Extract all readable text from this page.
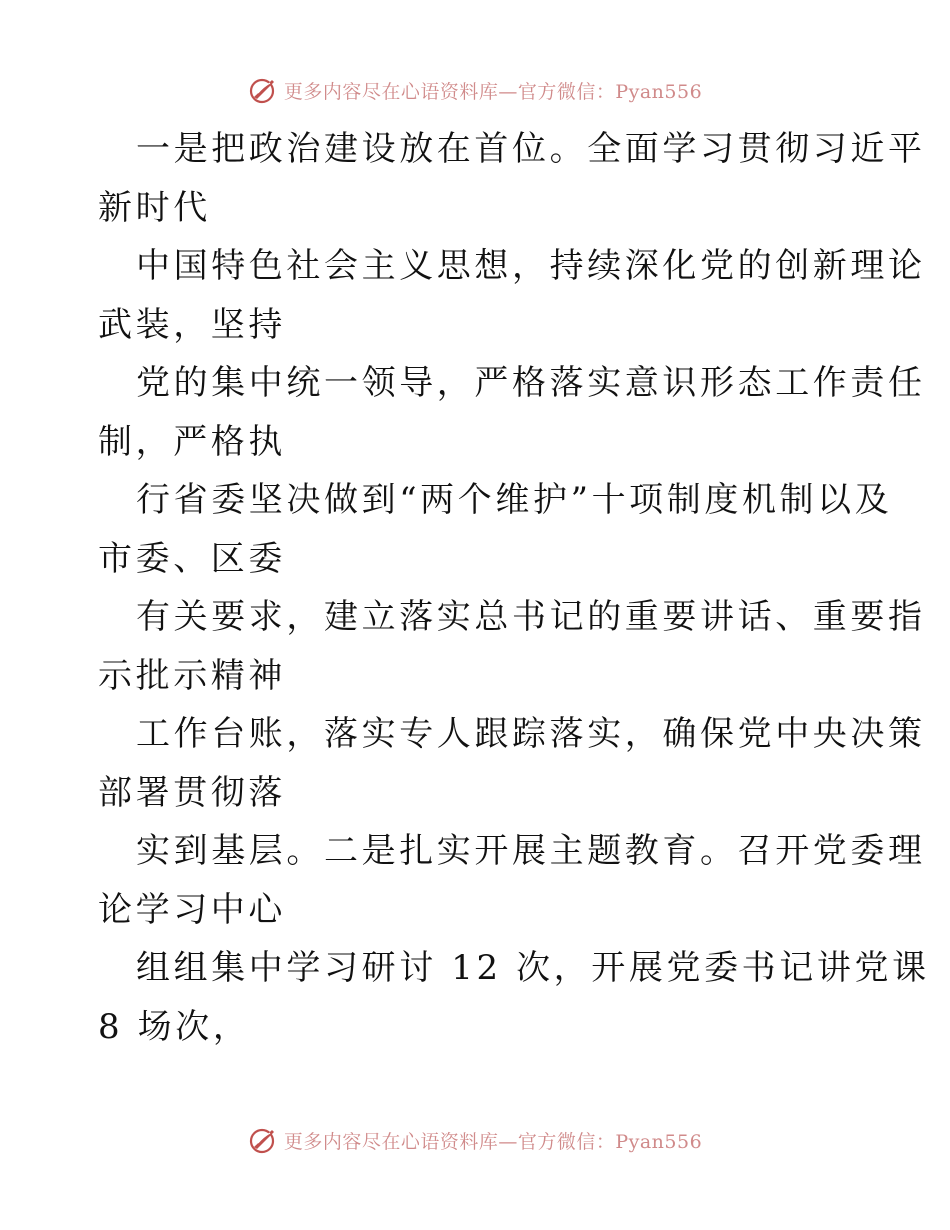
更多内容尽在心语资料库—官方微信：Pyan556
一是把政治建设放在首位。全面学习贯彻习近平
新时代
中国特色社会主义思想，持续深化党的创新理论
武装，坚持
党的集中统一领导，严格落实意识形态工作责任
制，严格执
行省委坚决做到“两个维护”十项制度机制以及
市委、区委
有关要求，建立落实总书记的重要讲话、重要指
示批示精神
工作台账，落实专人跟踪落实，确保党中央决策
部署贯彻落
实到基层。二是扎实开展主题教育。召开党委理
论学习中心
组组集中学习研讨 12 次，开展党委书记讲党课
8 场次，
更多内容尽在心语资料库—官方微信：Pyan556
